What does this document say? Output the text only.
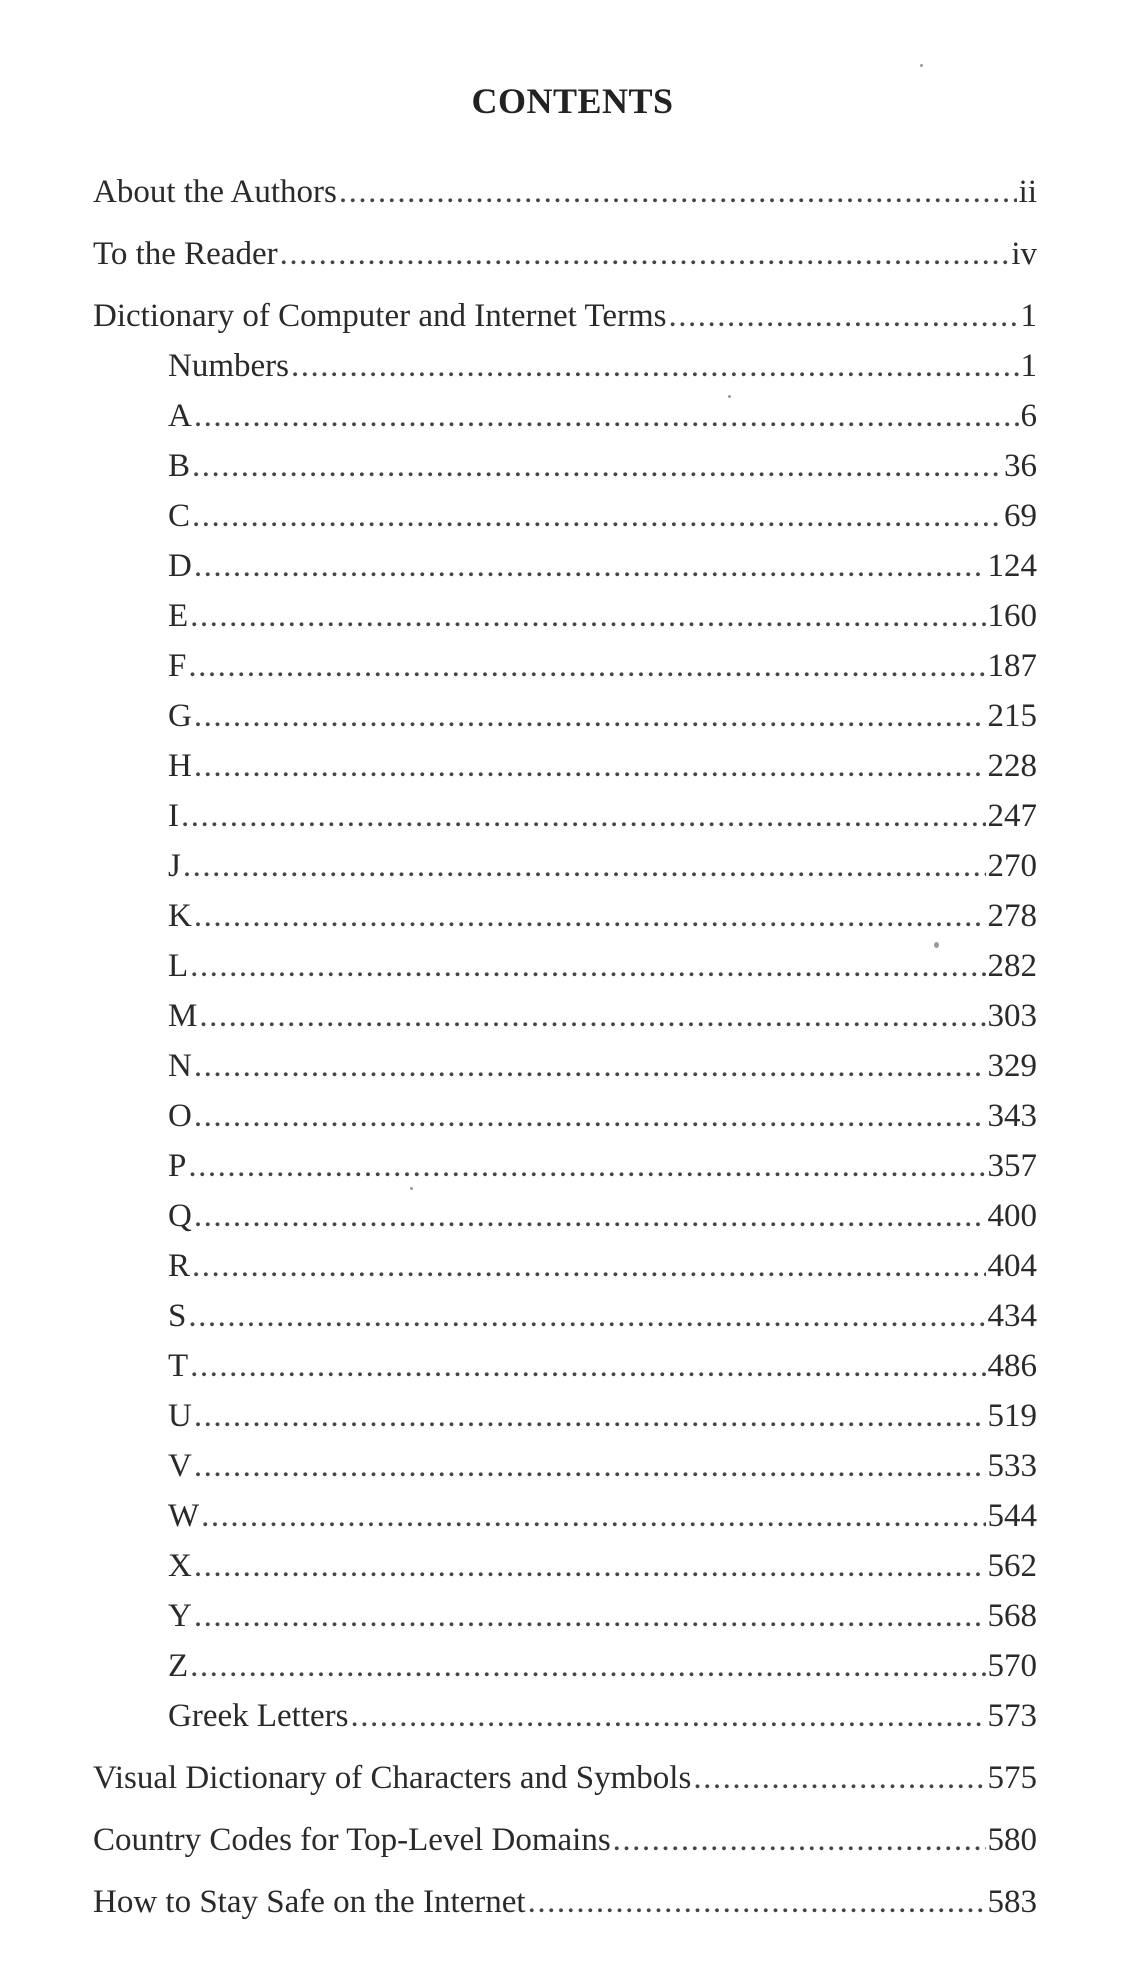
CONTENTS
About the Authors .....	ii
To the Reader .....	iv
Dictionary of Computer and Internet Terms .....	1
Numbers .....	1
A .....	6
B .....	36
C .....	69
D .....	124
E .....	160
F .....	187
G .....	215
H .....	228
I .....	247
J .....	270
K .....	278
L .....	282
M .....	303
N .....	329
O .....	343
P .....	357
Q .....	400
R .....	404
S .....	434
T .....	486
U .....	519
V .....	533
W .....	544
X .....	562
Y .....	568
Z .....	570
Greek Letters .....	573
Visual Dictionary of Characters and Symbols .....	575
Country Codes for Top-Level Domains .....	580
How to Stay Safe on the Internet .....	583
